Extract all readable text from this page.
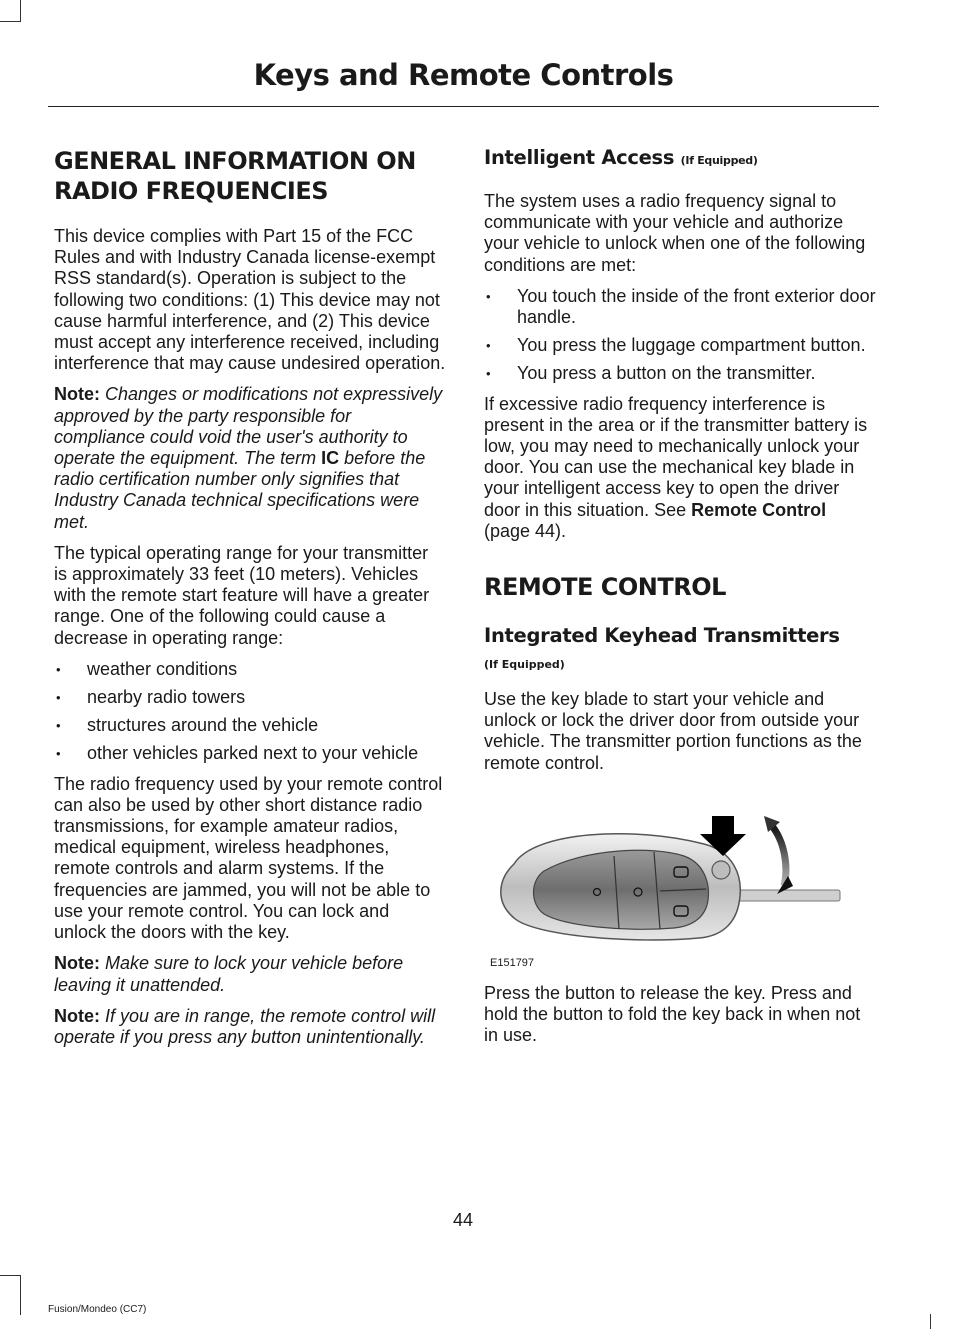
Keys and Remote Controls
GENERAL INFORMATION ON RADIO FREQUENCIES

This device complies with Part 15 of the FCC Rules and with Industry Canada license-exempt RSS standard(s). Operation is subject to the following two conditions: (1) This device may not cause harmful interference, and (2) This device must accept any interference received, including interference that may cause undesired operation.

Note: Changes or modifications not expressively approved by the party responsible for compliance could void the user's authority to operate the equipment. The term IC before the radio certification number only signifies that Industry Canada technical specifications were met.

The typical operating range for your transmitter is approximately 33 feet (10 meters). Vehicles with the remote start feature will have a greater range. One of the following could cause a decrease in operating range:

• weather conditions
• nearby radio towers
• structures around the vehicle
• other vehicles parked next to your vehicle

The radio frequency used by your remote control can also be used by other short distance radio transmissions, for example amateur radios, medical equipment, wireless headphones, remote controls and alarm systems. If the frequencies are jammed, you will not be able to use your remote control. You can lock and unlock the doors with the key.

Note: Make sure to lock your vehicle before leaving it unattended.

Note: If you are in range, the remote control will operate if you press any button unintentionally.

Intelligent Access (If Equipped)

The system uses a radio frequency signal to communicate with your vehicle and authorize your vehicle to unlock when one of the following conditions are met:

• You touch the inside of the front exterior door handle.
• You press the luggage compartment button.
• You press a button on the transmitter.

If excessive radio frequency interference is present in the area or if the transmitter battery is low, you may need to mechanically unlock your door. You can use the mechanical key blade in your intelligent access key to open the driver door in this situation. See Remote Control (page 44).

REMOTE CONTROL
Integrated Keyhead Transmitters
(If Equipped)

Use the key blade to start your vehicle and unlock or lock the driver door from outside your vehicle. The transmitter portion functions as the remote control.

E151797

Press the button to release the key. Press and hold the button to fold the key back in when not in use.

44
Fusion/Mondeo (CC7)
